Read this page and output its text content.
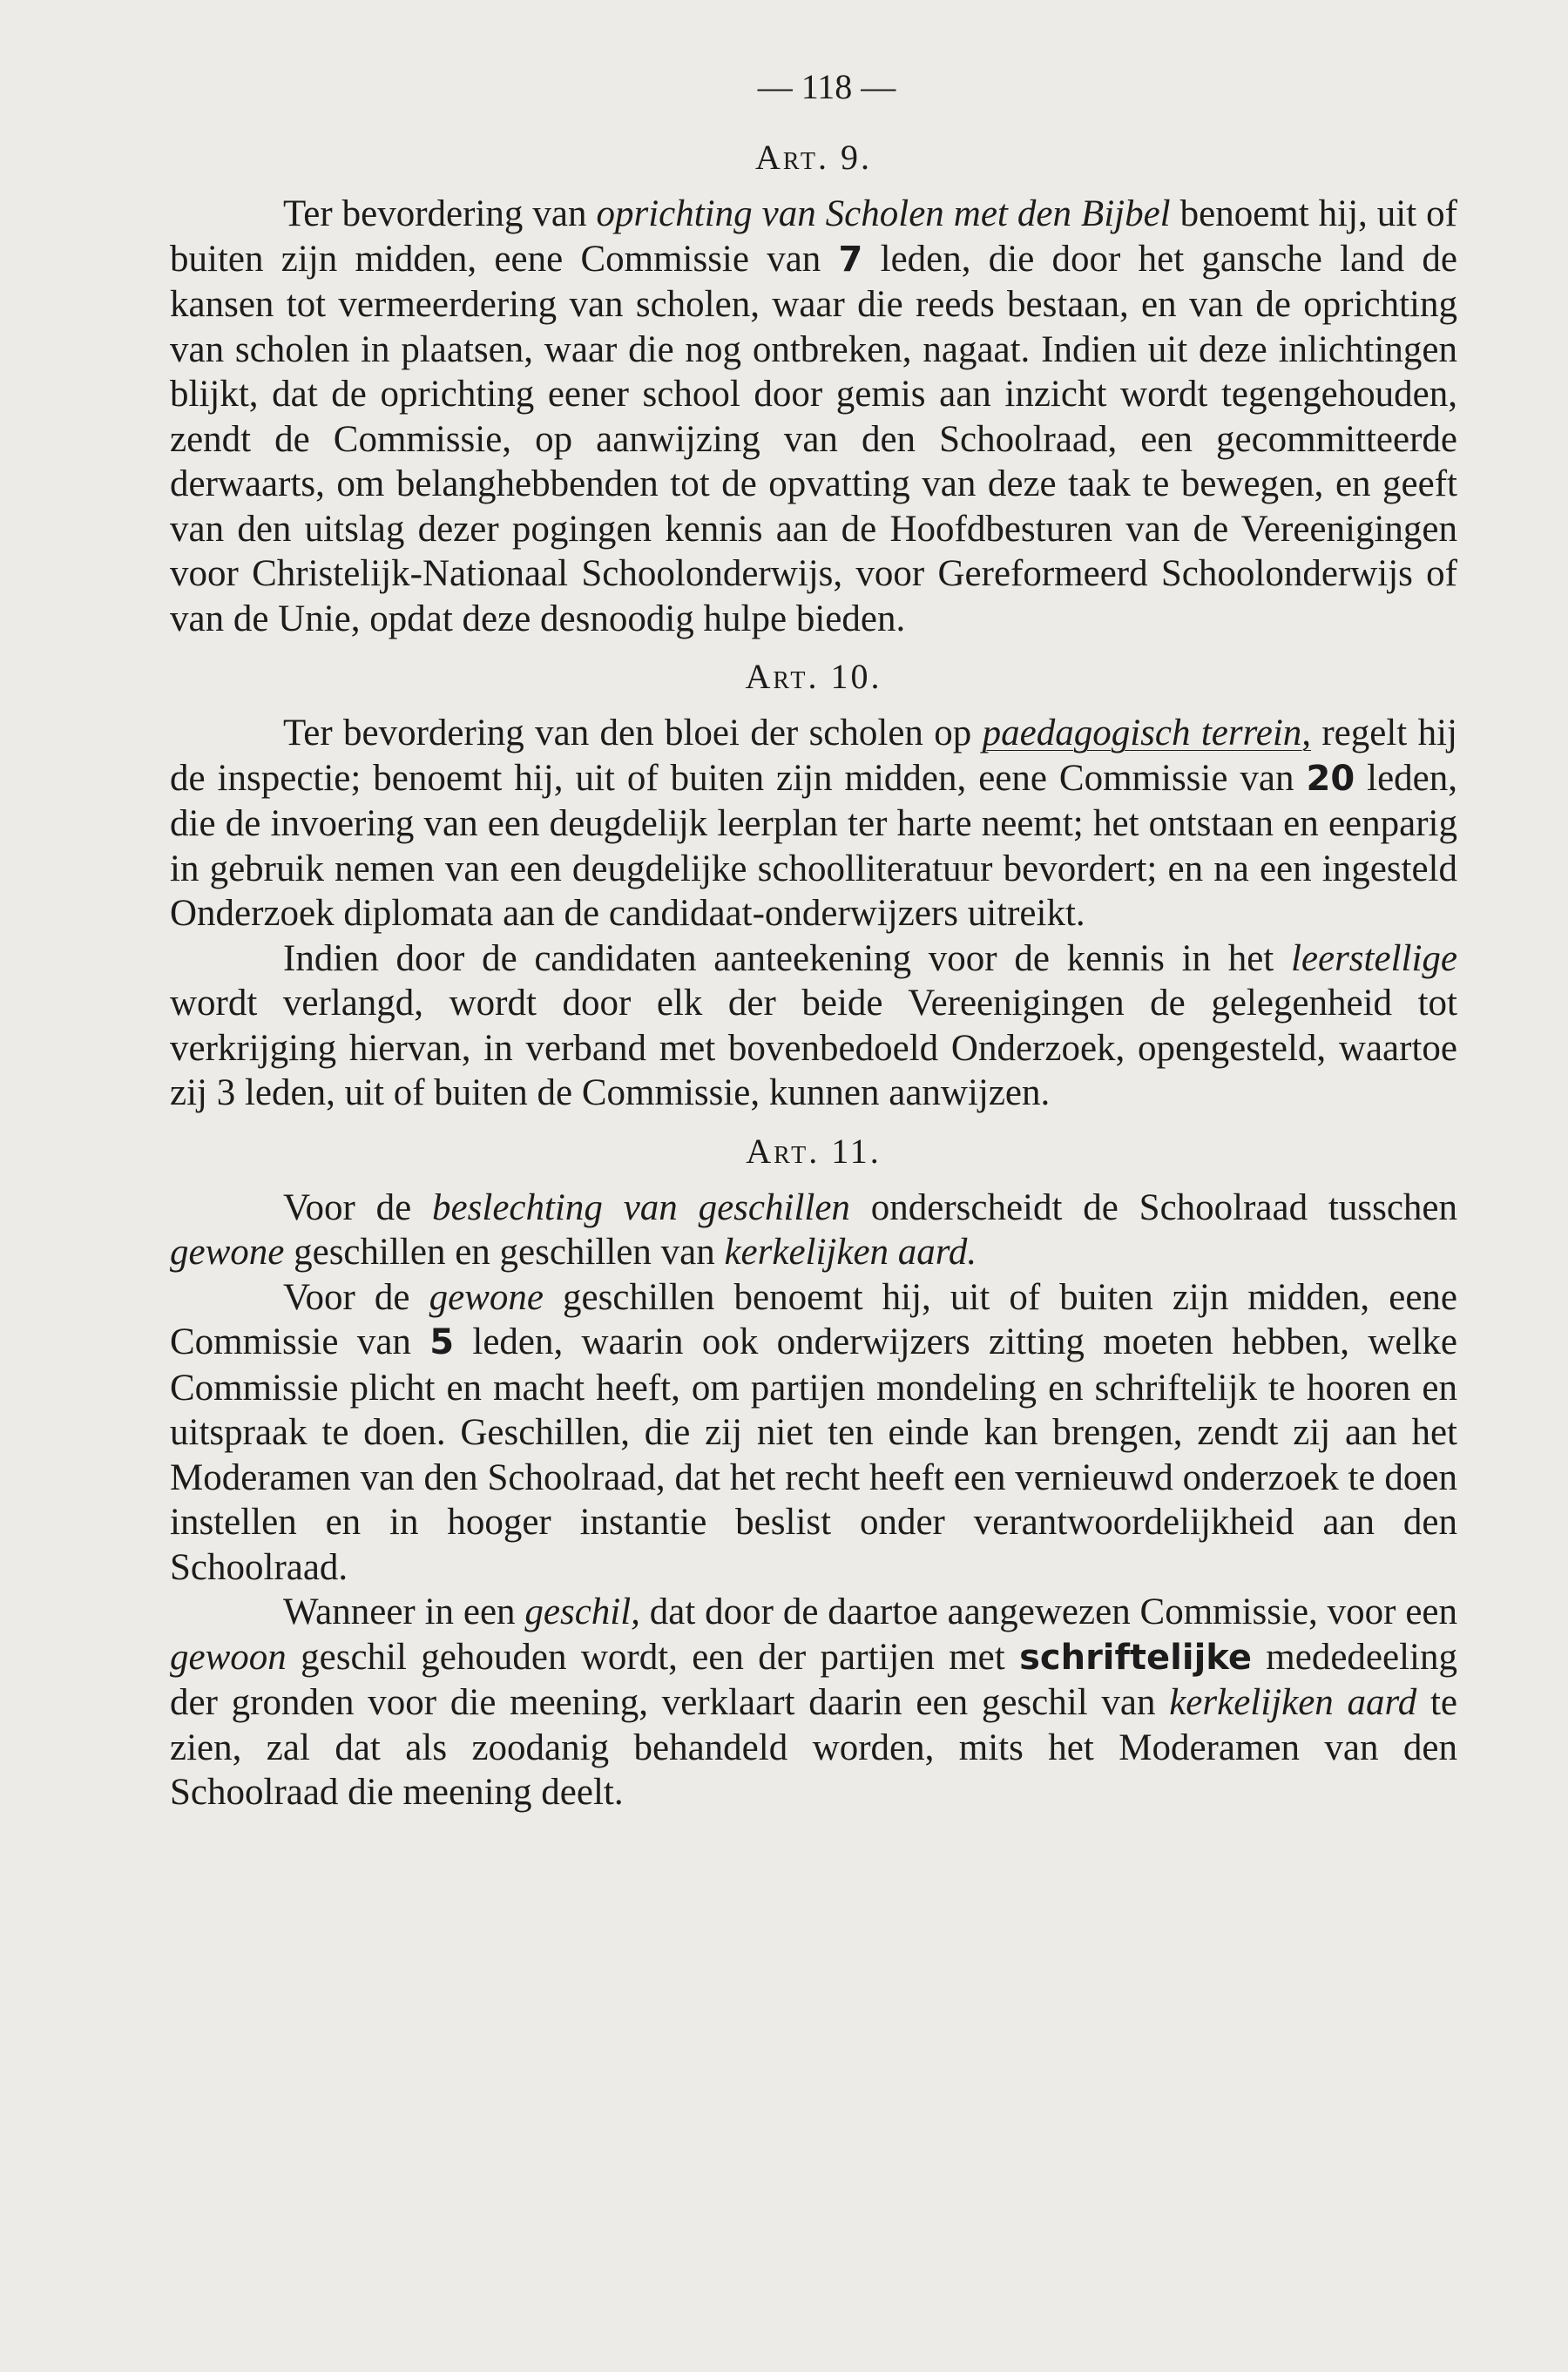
— 118 —
Art. 9.

Ter bevordering van oprichting van Scholen met den Bijbel benoemt hij, uit of buiten zijn midden, eene Commissie van 7 leden, die door het gansche land de kansen tot vermeerdering van scholen, waar die reeds bestaan, en van de oprichting van scholen in plaatsen, waar die nog ontbreken, nagaat. Indien uit deze inlichtingen blijkt, dat de oprichting eener school door gemis aan inzicht wordt tegengehouden, zendt de Commissie, op aanwijzing van den Schoolraad, een gecommitteerde derwaarts, om belanghebbenden tot de opvatting van deze taak te bewegen, en geeft van den uitslag dezer pogingen kennis aan de Hoofdbesturen van de Vereenigingen voor Christelijk-Nationaal Schoolonderwijs, voor Gereformeerd Schoolonderwijs of van de Unie, opdat deze desnoodig hulpe bieden.

Art. 10.

Ter bevordering van den bloei der scholen op paedagogisch terrein, regelt hij de inspectie; benoemt hij, uit of buiten zijn midden, eene Commissie van 20 leden, die de invoering van een deugdelijk leerplan ter harte neemt; het ontstaan en eenparig in gebruik nemen van een deugdelijke schoolliteratuur bevordert; en na een ingesteld Onderzoek diplomata aan de candidaat-onderwijzers uitreikt.

Indien door de candidaten aanteekening voor de kennis in het leerstellige wordt verlangd, wordt door elk der beide Vereenigingen de gelegenheid tot verkrijging hiervan, in verband met bovenbedoeld Onderzoek, opengesteld, waartoe zij 3 leden, uit of buiten de Commissie, kunnen aanwijzen.

Art. 11.

Voor de beslechting van geschillen onderscheidt de Schoolraad tusschen gewone geschillen en geschillen van kerkelijken aard.

Voor de gewone geschillen benoemt hij, uit of buiten zijn midden, eene Commissie van 5 leden, waarin ook onderwijzers zitting moeten hebben, welke Commissie plicht en macht heeft, om partijen mondeling en schriftelijk te hooren en uitspraak te doen. Geschillen, die zij niet ten einde kan brengen, zendt zij aan het Moderamen van den Schoolraad, dat het recht heeft een vernieuwd onderzoek te doen instellen en in hooger instantie beslist onder verantwoordelijkheid aan den Schoolraad.

Wanneer in een geschil, dat door de daartoe aangewezen Commissie, voor een gewoon geschil gehouden wordt, een der partijen met schriftelijke mededeeling der gronden voor die meening, verklaart daarin een geschil van kerkelijken aard te zien, zal dat als zoodanig behandeld worden, mits het Moderamen van den Schoolraad die meening deelt.
